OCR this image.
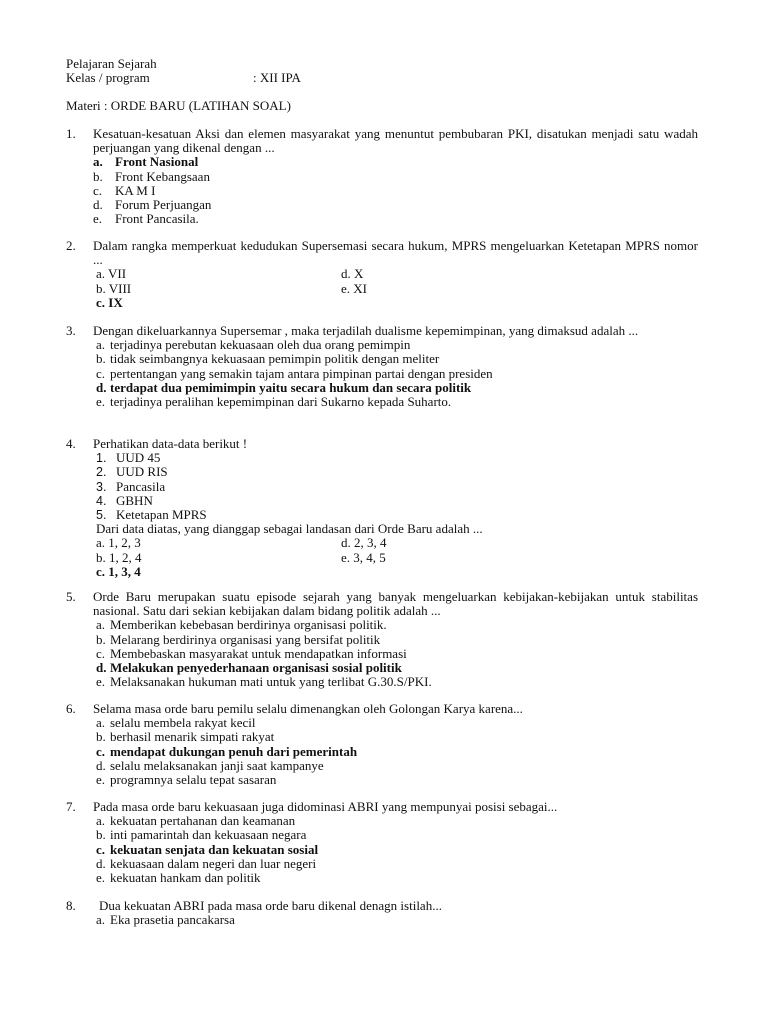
Pelajaran Sejarah
Kelas / program	: XII IPA
Materi : ORDE BARU (LATIHAN SOAL)
1. Kesatuan-kesatuan Aksi dan elemen masyarakat yang menuntut pembubaran PKI, disatukan menjadi satu wadah perjuangan yang dikenal dengan ...
a. Front Nasional
b. Front Kebangsaan
c. KA M I
d. Forum Perjuangan
e. Front Pancasila.
2. Dalam rangka memperkuat kedudukan Supersemasi secara hukum, MPRS mengeluarkan Ketetapan MPRS nomor ...
a. VII	d. X
b. VIII	e. XI
c. IX
3. Dengan dikeluarkannya Supersemar , maka terjadilah dualisme kepemimpinan, yang dimaksud adalah ...
a. terjadinya perebutan kekuasaan oleh dua orang pemimpin
b. tidak seimbangnya kekuasaan pemimpin politik dengan meliter
c. pertentangan yang semakin tajam antara pimpinan partai dengan presiden
d. terdapat dua pemimimpin yaitu secara hukum dan secara politik
e. terjadinya peralihan kepemimpinan dari Sukarno kepada Suharto.
4. Perhatikan data-data berikut !
1. UUD 45
2. UUD RIS
3. Pancasila
4. GBHN
5. Ketetapan MPRS
Dari data diatas, yang dianggap sebagai landasan dari Orde Baru adalah ...
a. 1, 2, 3	d. 2, 3, 4
b. 1, 2, 4	e. 3, 4, 5
c. 1, 3, 4
5. Orde Baru merupakan suatu episode sejarah yang banyak mengeluarkan kebijakan-kebijakan untuk stabilitas nasional. Satu dari sekian kebijakan dalam bidang politik adalah ...
a. Memberikan kebebasan berdirinya organisasi politik.
b. Melarang berdirinya organisasi yang bersifat politik
c. Membebaskan masyarakat untuk mendapatkan informasi
d. Melakukan penyederhanaan organisasi sosial politik
e. Melaksanakan hukuman mati untuk yang terlibat G.30.S/PKI.
6. Selama masa orde baru pemilu selalu dimenangkan oleh Golongan Karya karena...
a. selalu membela rakyat kecil
b. berhasil menarik simpati rakyat
c. mendapat dukungan penuh dari pemerintah
d. selalu melaksanakan janji saat kampanye
e. programnya selalu tepat sasaran
7. Pada masa orde baru kekuasaan juga didominasi ABRI yang mempunyai posisi sebagai...
a. kekuatan pertahanan dan keamanan
b. inti pamarintah dan kekuasaan negara
c. kekuatan senjata dan kekuatan sosial
d. kekuasaan dalam negeri dan luar negeri
e. kekuatan hankam dan politik
8. Dua kekuatan ABRI pada masa orde baru dikenal denagn istilah...
a. Eka prasetia pancakarsa
